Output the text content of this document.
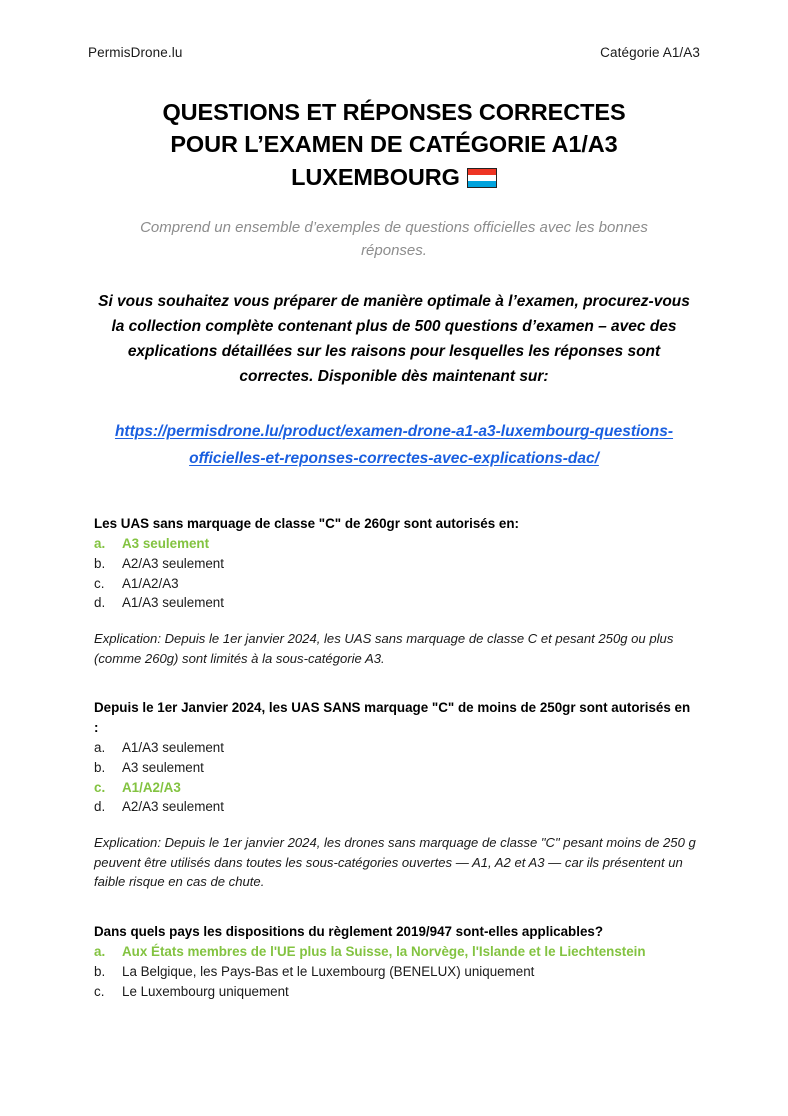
PermisDrone.lu	Catégorie A1/A3
QUESTIONS ET RÉPONSES CORRECTES
POUR L’EXAMEN DE CATÉGORIE A1/A3
LUXEMBOURG

Comprend un ensemble d’exemples de questions officielles avec les bonnes réponses.

Si vous souhaitez vous préparer de manière optimale à l’examen, procurez-vous la collection complète contenant plus de 500 questions d’examen – avec des explications détaillées sur les raisons pour lesquelles les réponses sont correctes. Disponible dès maintenant sur:

https://permisdrone.lu/product/examen-drone-a1-a3-luxembourg-questions-officielles-et-reponses-correctes-avec-explications-dac/

Les UAS sans marquage de classe "C" de 260gr sont autorisés en:

a.	A3 seulement
b.	A2/A3 seulement
c.	A1/A2/A3
d.	A1/A3 seulement

Explication: Depuis le 1er janvier 2024, les UAS sans marquage de classe C et pesant 250g ou plus (comme 260g) sont limités à la sous-catégorie A3.

Depuis le 1er Janvier 2024, les UAS SANS marquage "C" de moins de 250gr sont autorisés en :

a.	A1/A3 seulement
b.	A3 seulement
c.	A1/A2/A3
d.	A2/A3 seulement

Explication: Depuis le 1er janvier 2024, les drones sans marquage de classe "C" pesant moins de 250 g peuvent être utilisés dans toutes les sous-catégories ouvertes — A1, A2 et A3 — car ils présentent un faible risque en cas de chute.

Dans quels pays les dispositions du règlement 2019/947 sont-elles applicables?

a.	Aux États membres de l'UE plus la Suisse, la Norvège, l'Islande et le Liechtenstein
b.	La Belgique, les Pays-Bas et le Luxembourg (BENELUX) uniquement
c.	Le Luxembourg uniquement
